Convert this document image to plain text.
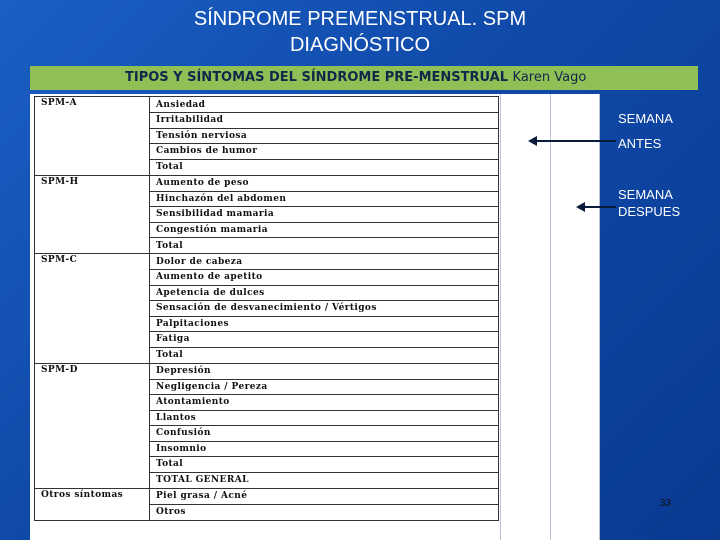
SÍNDROME PREMENSTRUAL. SPM
DIAGNÓSTICO
TIPOS Y SÍNTOMAS DEL SÍNDROME PRE-MENSTRUAL Karen Vago
SPM-A	Ansiedad
	Irritabilidad
	Tensión nerviosa
	Cambios de humor
	Total
SPM-H	Aumento de peso
	Hinchazón del abdomen
	Sensibilidad mamaria
	Congestión mamaria
	Total
SPM-C	Dolor de cabeza
	Aumento de apetito
	Apetencia de dulces
	Sensación de desvanecimiento / Vértigos
	Palpitaciones
	Fatiga
	Total
SPM-D	Depresión
	Negligencia / Pereza
	Atontamiento
	Llantos
	Confusión
	Insomnio
	Total
	TOTAL GENERAL
Otros síntomas	Piel grasa / Acné
	Otros
SEMANA
ANTES
SEMANA
DESPUES
33
